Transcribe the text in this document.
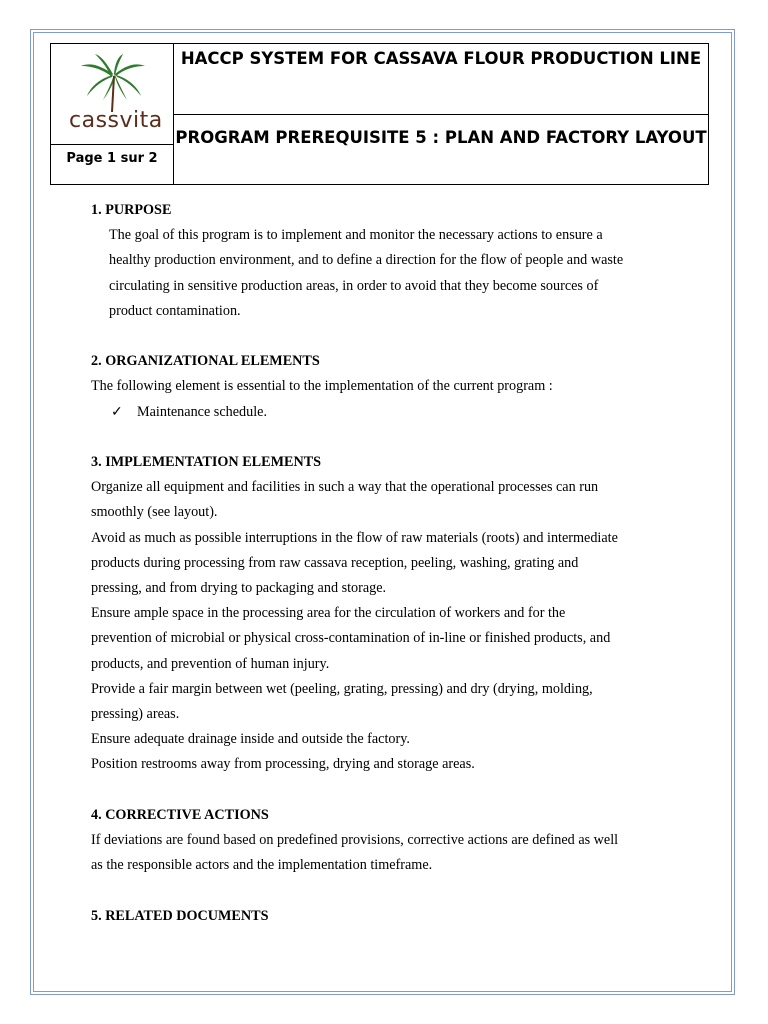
cassvita
Page 1 sur 2
HACCP SYSTEM FOR CASSAVA FLOUR PRODUCTION LINE
PROGRAM PREREQUISITE 5 : PLAN AND FACTORY LAYOUT

1. PURPOSE

The goal of this program is to implement and monitor the necessary actions to ensure a

healthy production environment, and to define a direction for the flow of people and waste

circulating in sensitive production areas, in order to avoid that they become sources of

product contamination.

2. ORGANIZATIONAL ELEMENTS

The following element is essential to the implementation of the current program :

✓ Maintenance schedule.

3. IMPLEMENTATION ELEMENTS

Organize all equipment and facilities in such a way that the operational processes can run

smoothly (see layout).

Avoid as much as possible interruptions in the flow of raw materials (roots) and intermediate

products during processing from raw cassava reception, peeling, washing, grating and

pressing, and from drying to packaging and storage.

Ensure ample space in the processing area for the circulation of workers and for the

prevention of microbial or physical cross-contamination of in-line or finished products, and

products, and prevention of human injury.

Provide a fair margin between wet (peeling, grating, pressing) and dry (drying, molding,

pressing) areas.

Ensure adequate drainage inside and outside the factory.

Position restrooms away from processing, drying and storage areas.

4. CORRECTIVE ACTIONS

If deviations are found based on predefined provisions, corrective actions are defined as well

as the responsible actors and the implementation timeframe.

5. RELATED DOCUMENTS
